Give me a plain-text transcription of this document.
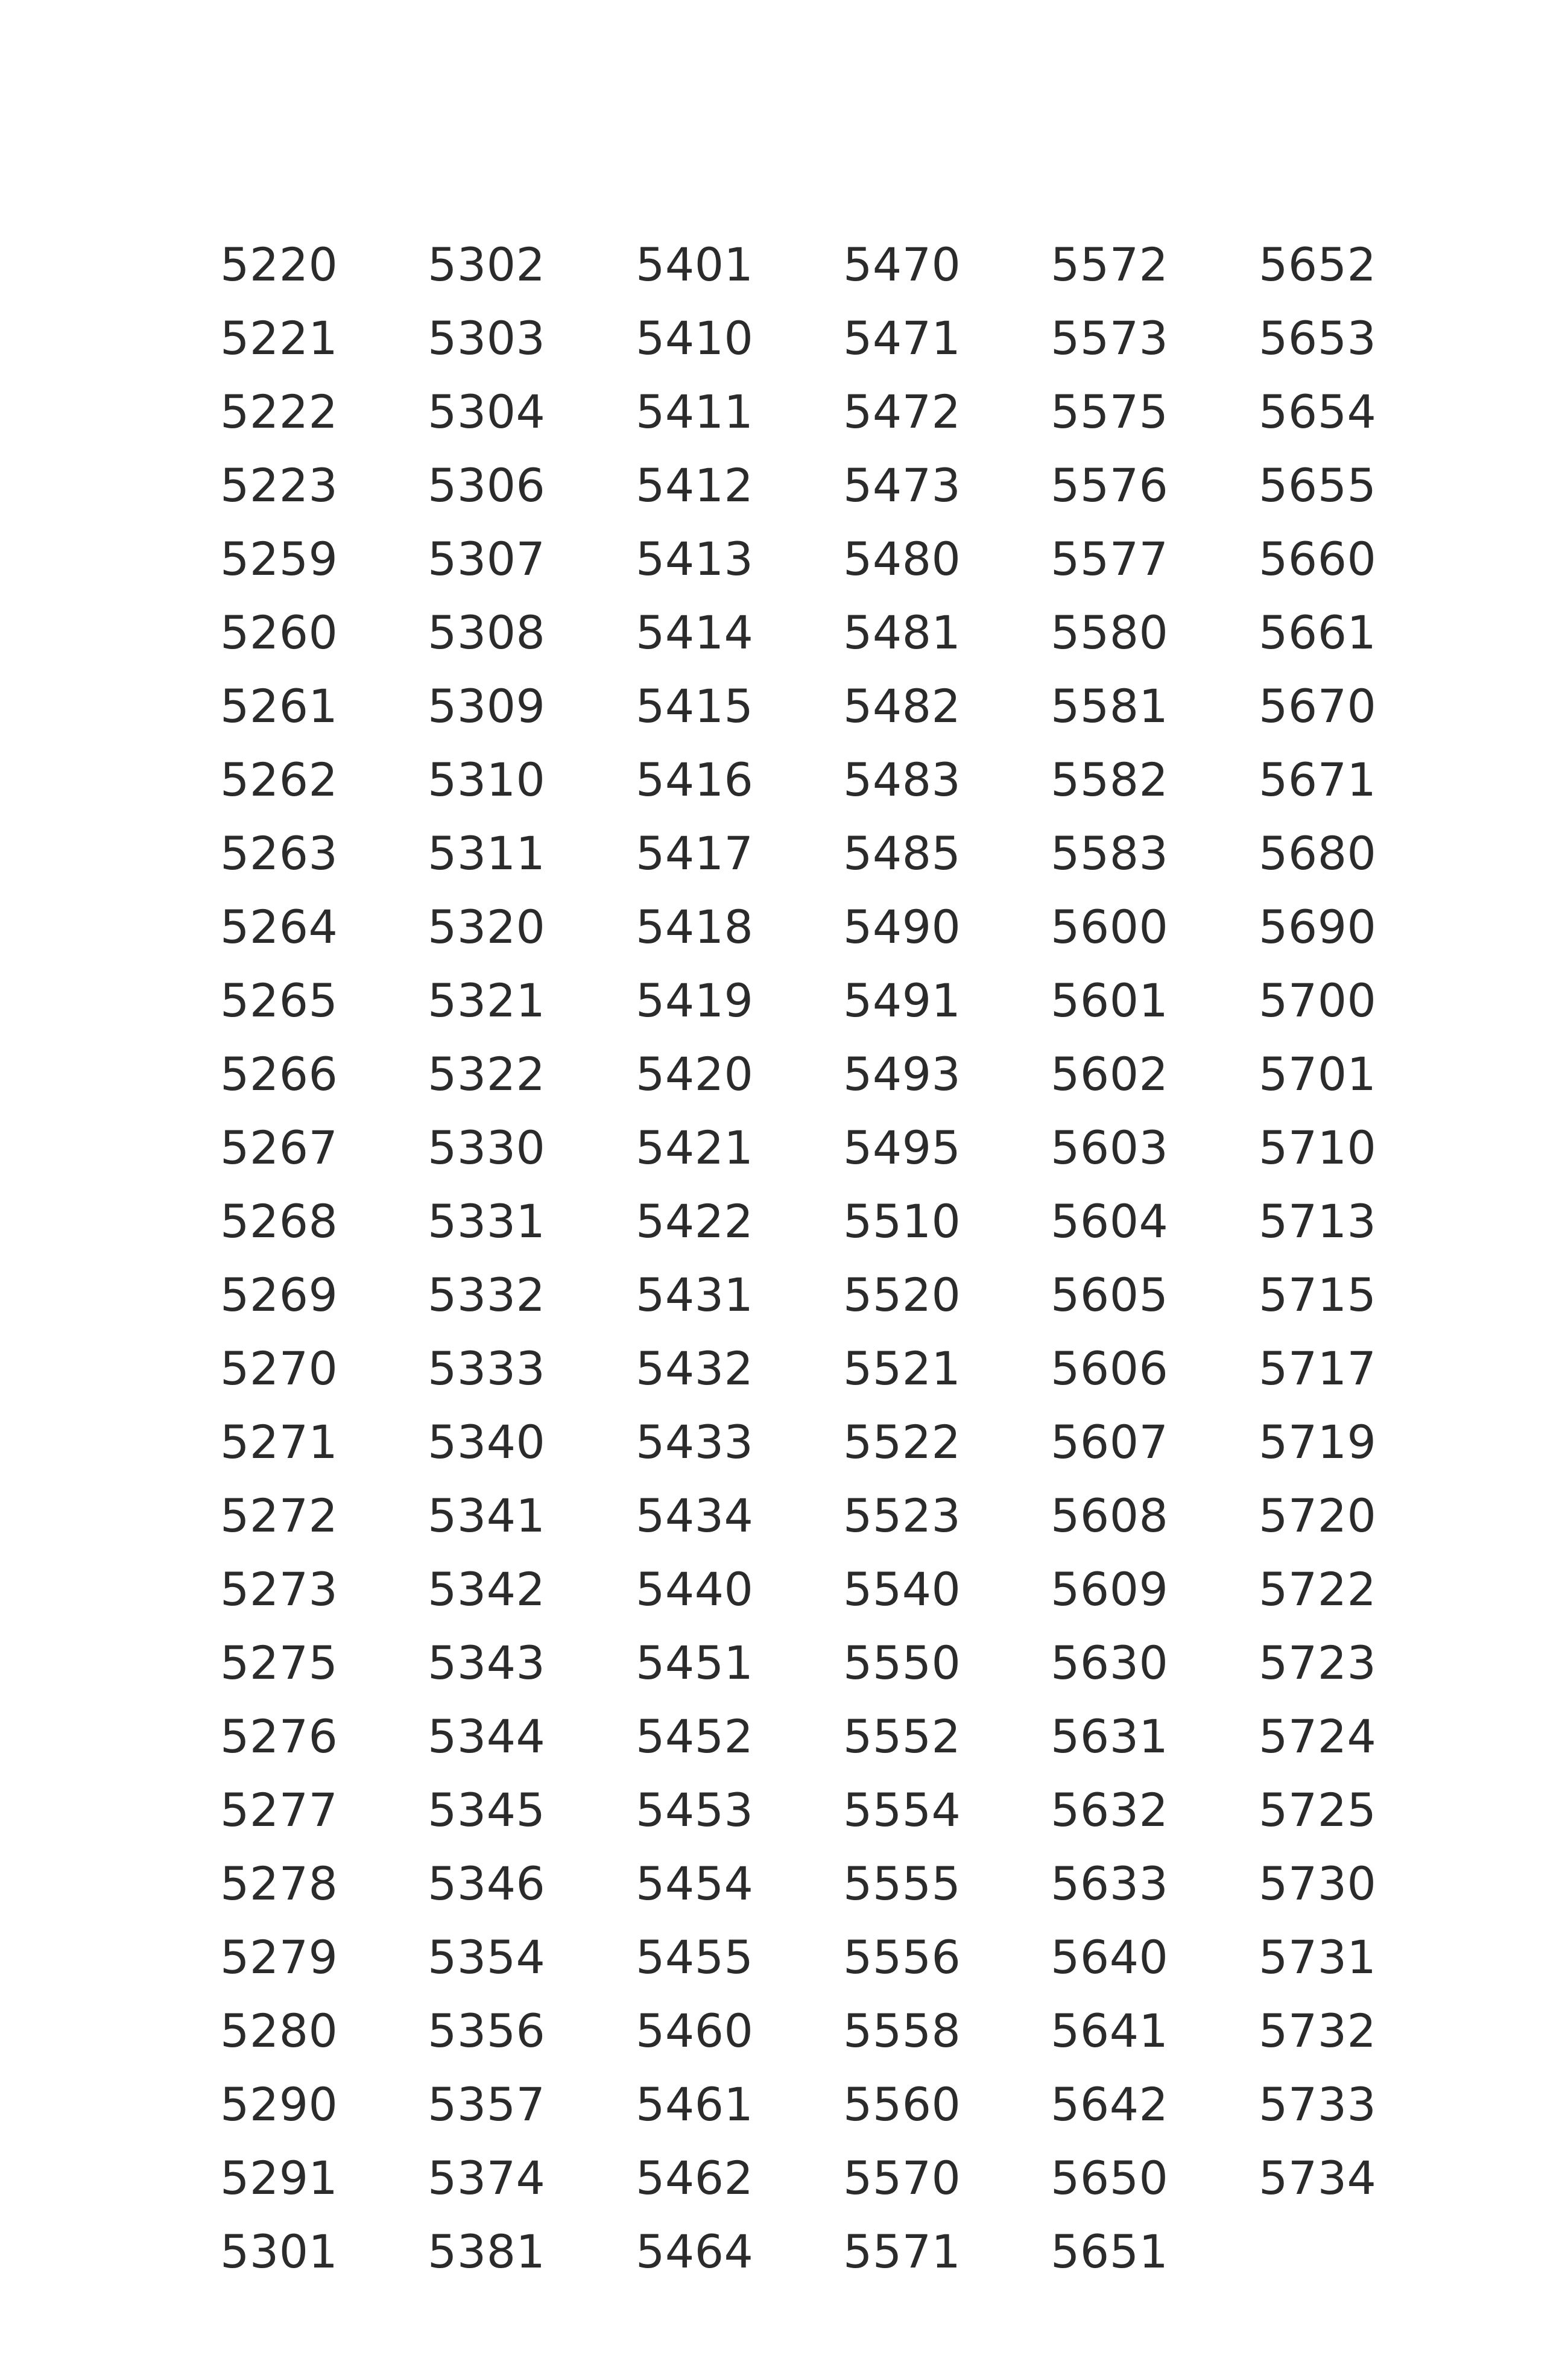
5220
5221
5222
5223
5259
5260
5261
5262
5263
5264
5265
5266
5267
5268
5269
5270
5271
5272
5273
5275
5276
5277
5278
5279
5280
5290
5291
5301
5302
5303
5304
5306
5307
5308
5309
5310
5311
5320
5321
5322
5330
5331
5332
5333
5340
5341
5342
5343
5344
5345
5346
5354
5356
5357
5374
5381
5401
5410
5411
5412
5413
5414
5415
5416
5417
5418
5419
5420
5421
5422
5431
5432
5433
5434
5440
5451
5452
5453
5454
5455
5460
5461
5462
5464
5470
5471
5472
5473
5480
5481
5482
5483
5485
5490
5491
5493
5495
5510
5520
5521
5522
5523
5540
5550
5552
5554
5555
5556
5558
5560
5570
5571
5572
5573
5575
5576
5577
5580
5581
5582
5583
5600
5601
5602
5603
5604
5605
5606
5607
5608
5609
5630
5631
5632
5633
5640
5641
5642
5650
5651
5652
5653
5654
5655
5660
5661
5670
5671
5680
5690
5700
5701
5710
5713
5715
5717
5719
5720
5722
5723
5724
5725
5730
5731
5732
5733
5734
